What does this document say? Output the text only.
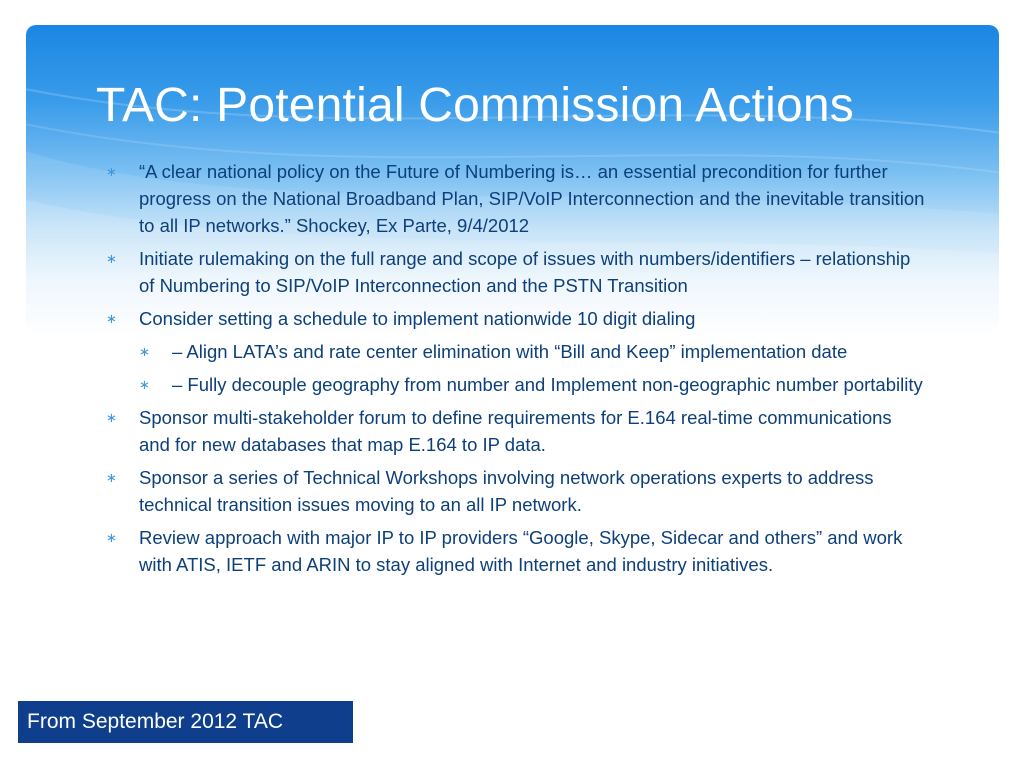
TAC: Potential Commission Actions
∗	“A clear national policy on the Future of Numbering is… an essential precondition for further progress on the National Broadband Plan, SIP/VoIP Interconnection and the inevitable transition to all IP networks.” Shockey, Ex Parte, 9/4/2012
∗	Initiate rulemaking on the full range and scope of issues with numbers/identifiers – relationship of Numbering to SIP/VoIP Interconnection and the PSTN Transition
∗	Consider setting a schedule to implement nationwide 10 digit dialing
∗	– Align LATA’s and rate center elimination with “Bill and Keep” implementation date
∗	– Fully decouple geography from number and Implement non-geographic number portability
∗	Sponsor multi-stakeholder forum to define requirements for E.164 real-time communications and for new databases that map E.164 to IP data.
∗	Sponsor a series of Technical Workshops involving network operations experts to address technical transition issues moving to an all IP network.
∗	Review approach with major IP to IP providers “Google, Skype, Sidecar and others” and work with ATIS, IETF and ARIN to stay aligned with Internet and industry initiatives.
From September 2012 TAC
